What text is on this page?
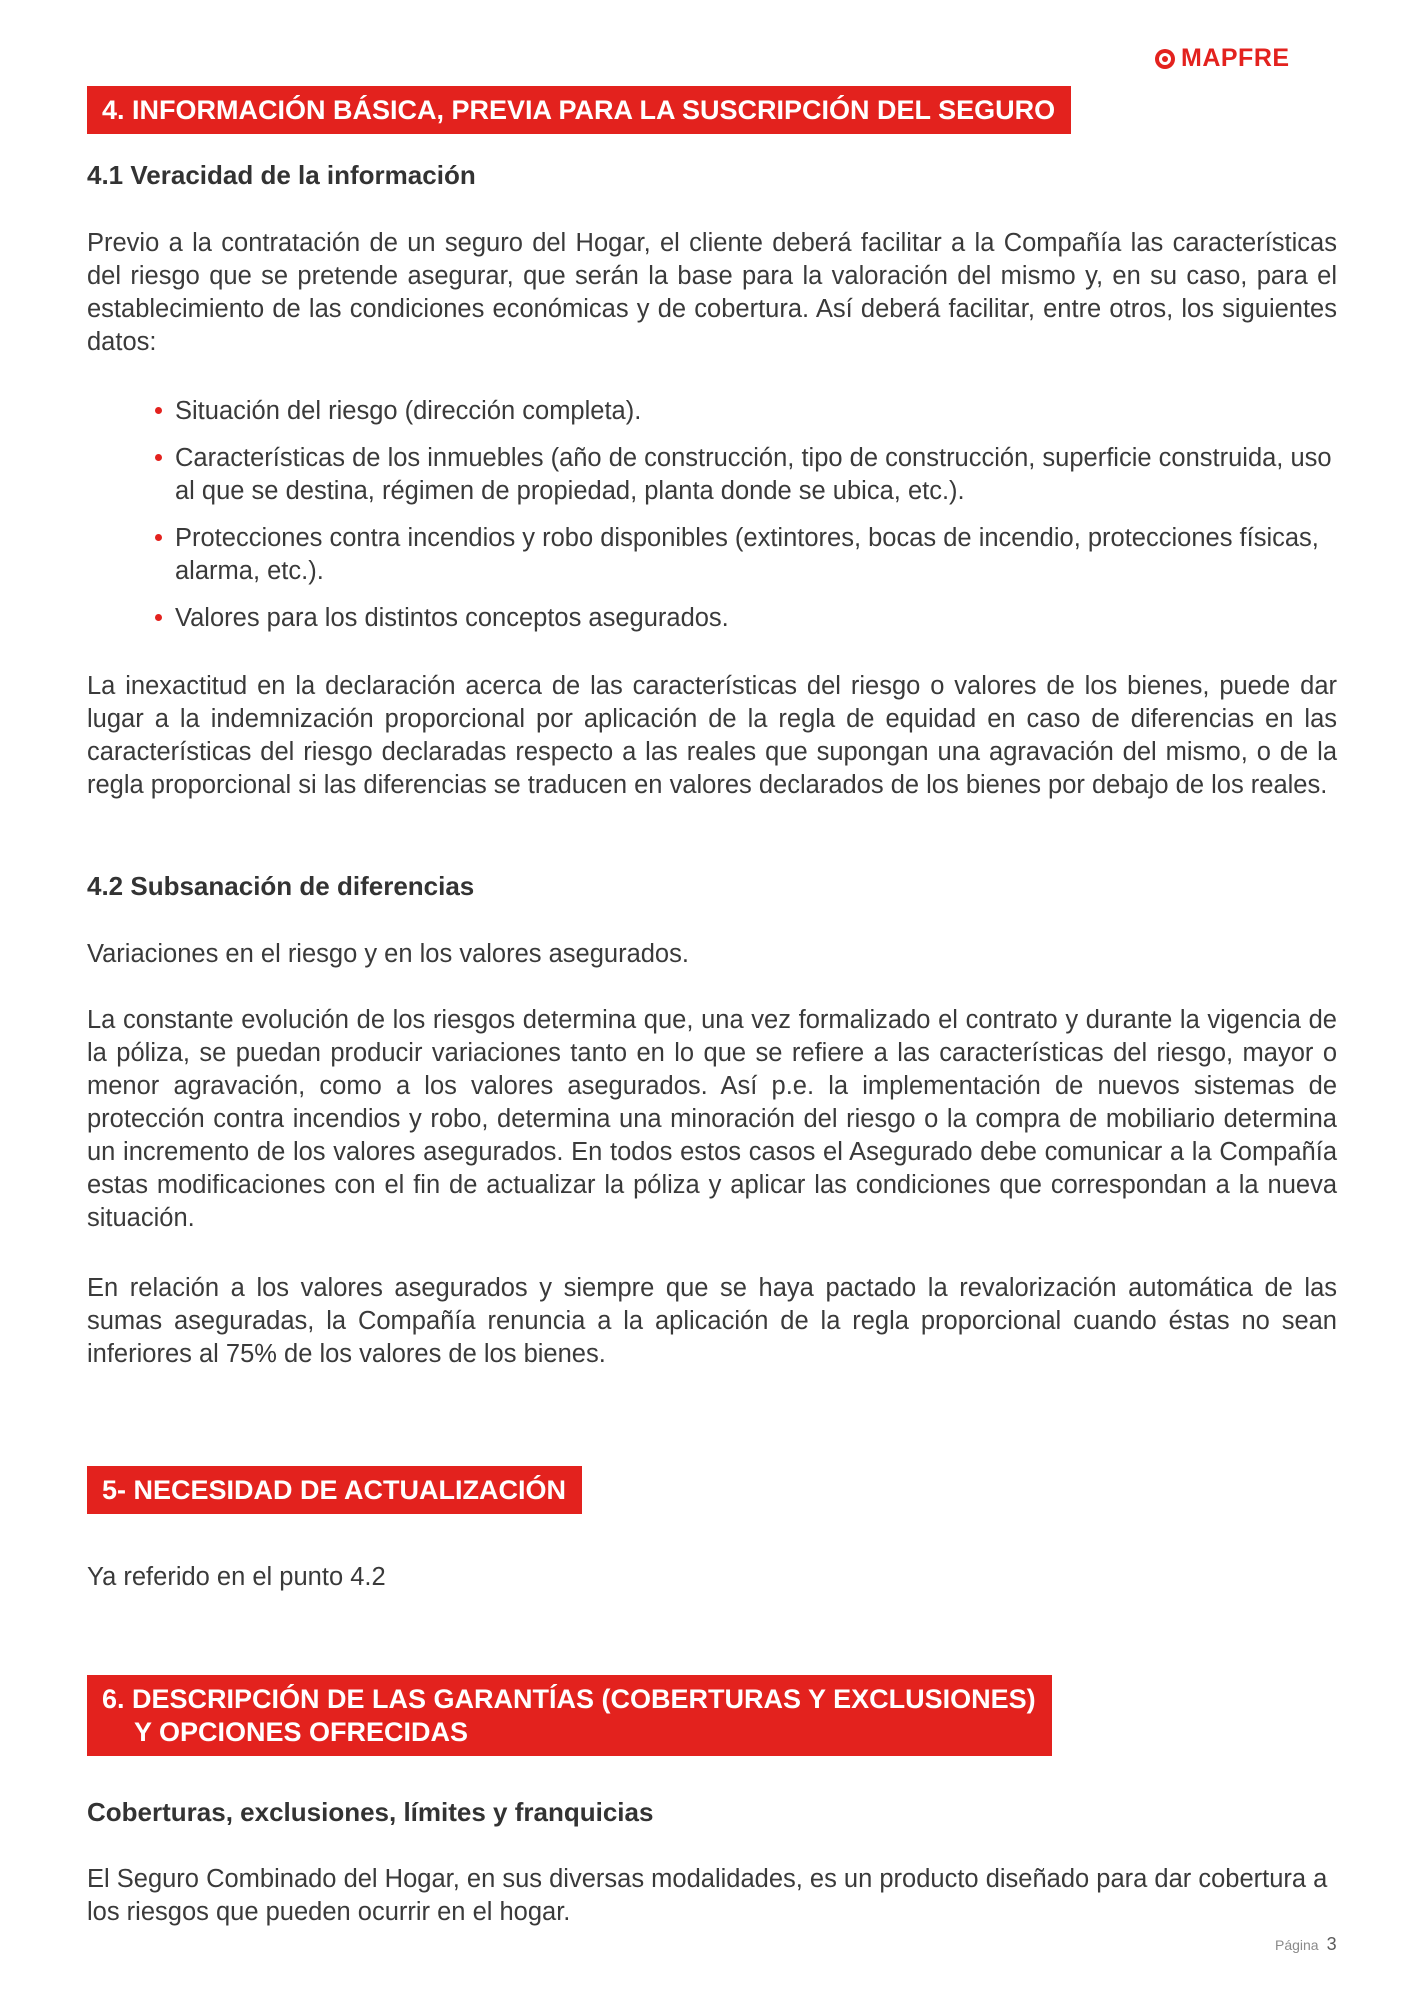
MAPFRE
4. INFORMACIÓN BÁSICA, PREVIA PARA LA SUSCRIPCIÓN DEL SEGURO
4.1 Veracidad de la información

Previo a la contratación de un seguro del Hogar, el cliente deberá facilitar a la Compañía las características del riesgo que se pretende asegurar, que serán la base para la valoración del mismo y, en su caso, para el establecimiento de las condiciones económicas y de cobertura. Así deberá facilitar, entre otros, los siguientes datos:

Situación del riesgo (dirección completa).
Características de los inmuebles (año de construcción, tipo de construcción, superficie construida, uso al que se destina, régimen de propiedad, planta donde se ubica, etc.).
Protecciones contra incendios y robo disponibles (extintores, bocas de incendio, protecciones físicas, alarma, etc.).
Valores para los distintos conceptos asegurados.

La inexactitud en la declaración acerca de las características del riesgo o valores de los bienes, puede dar lugar a la indemnización proporcional por aplicación de la regla de equidad en caso de diferencias en las características del riesgo declaradas respecto a las reales que supongan una agravación del mismo, o de la regla proporcional si las diferencias se traducen en valores declarados de los bienes por debajo de los reales.

4.2 Subsanación de diferencias

Variaciones en el riesgo y en los valores asegurados.

La constante evolución de los riesgos determina que, una vez formalizado el contrato y durante la vigencia de la póliza, se puedan producir variaciones tanto en lo que se refiere a las características del riesgo, mayor o menor agravación, como a los valores asegurados. Así p.e. la implementación de nuevos sistemas de protección contra incendios y robo, determina una minoración del riesgo o la compra de mobiliario determina un incremento de los valores asegurados. En todos estos casos el Asegurado debe comunicar a la Compañía estas modificaciones con el fin de actualizar la póliza y aplicar las condiciones que correspondan a la nueva situación.

En relación a los valores asegurados y siempre que se haya pactado la revalorización automática de las sumas aseguradas, la Compañía renuncia a la aplicación de la regla proporcional cuando éstas no sean inferiores al 75% de los valores de los bienes.

5- NECESIDAD DE ACTUALIZACIÓN

Ya referido en el punto 4.2

6. DESCRIPCIÓN DE LAS GARANTÍAS (COBERTURAS Y EXCLUSIONES)
Y OPCIONES OFRECIDAS
Coberturas, exclusiones, límites y franquicias

El Seguro Combinado del Hogar, en sus diversas modalidades, es un producto diseñado para dar cobertura a los riesgos que pueden ocurrir en el hogar.

Página 3
